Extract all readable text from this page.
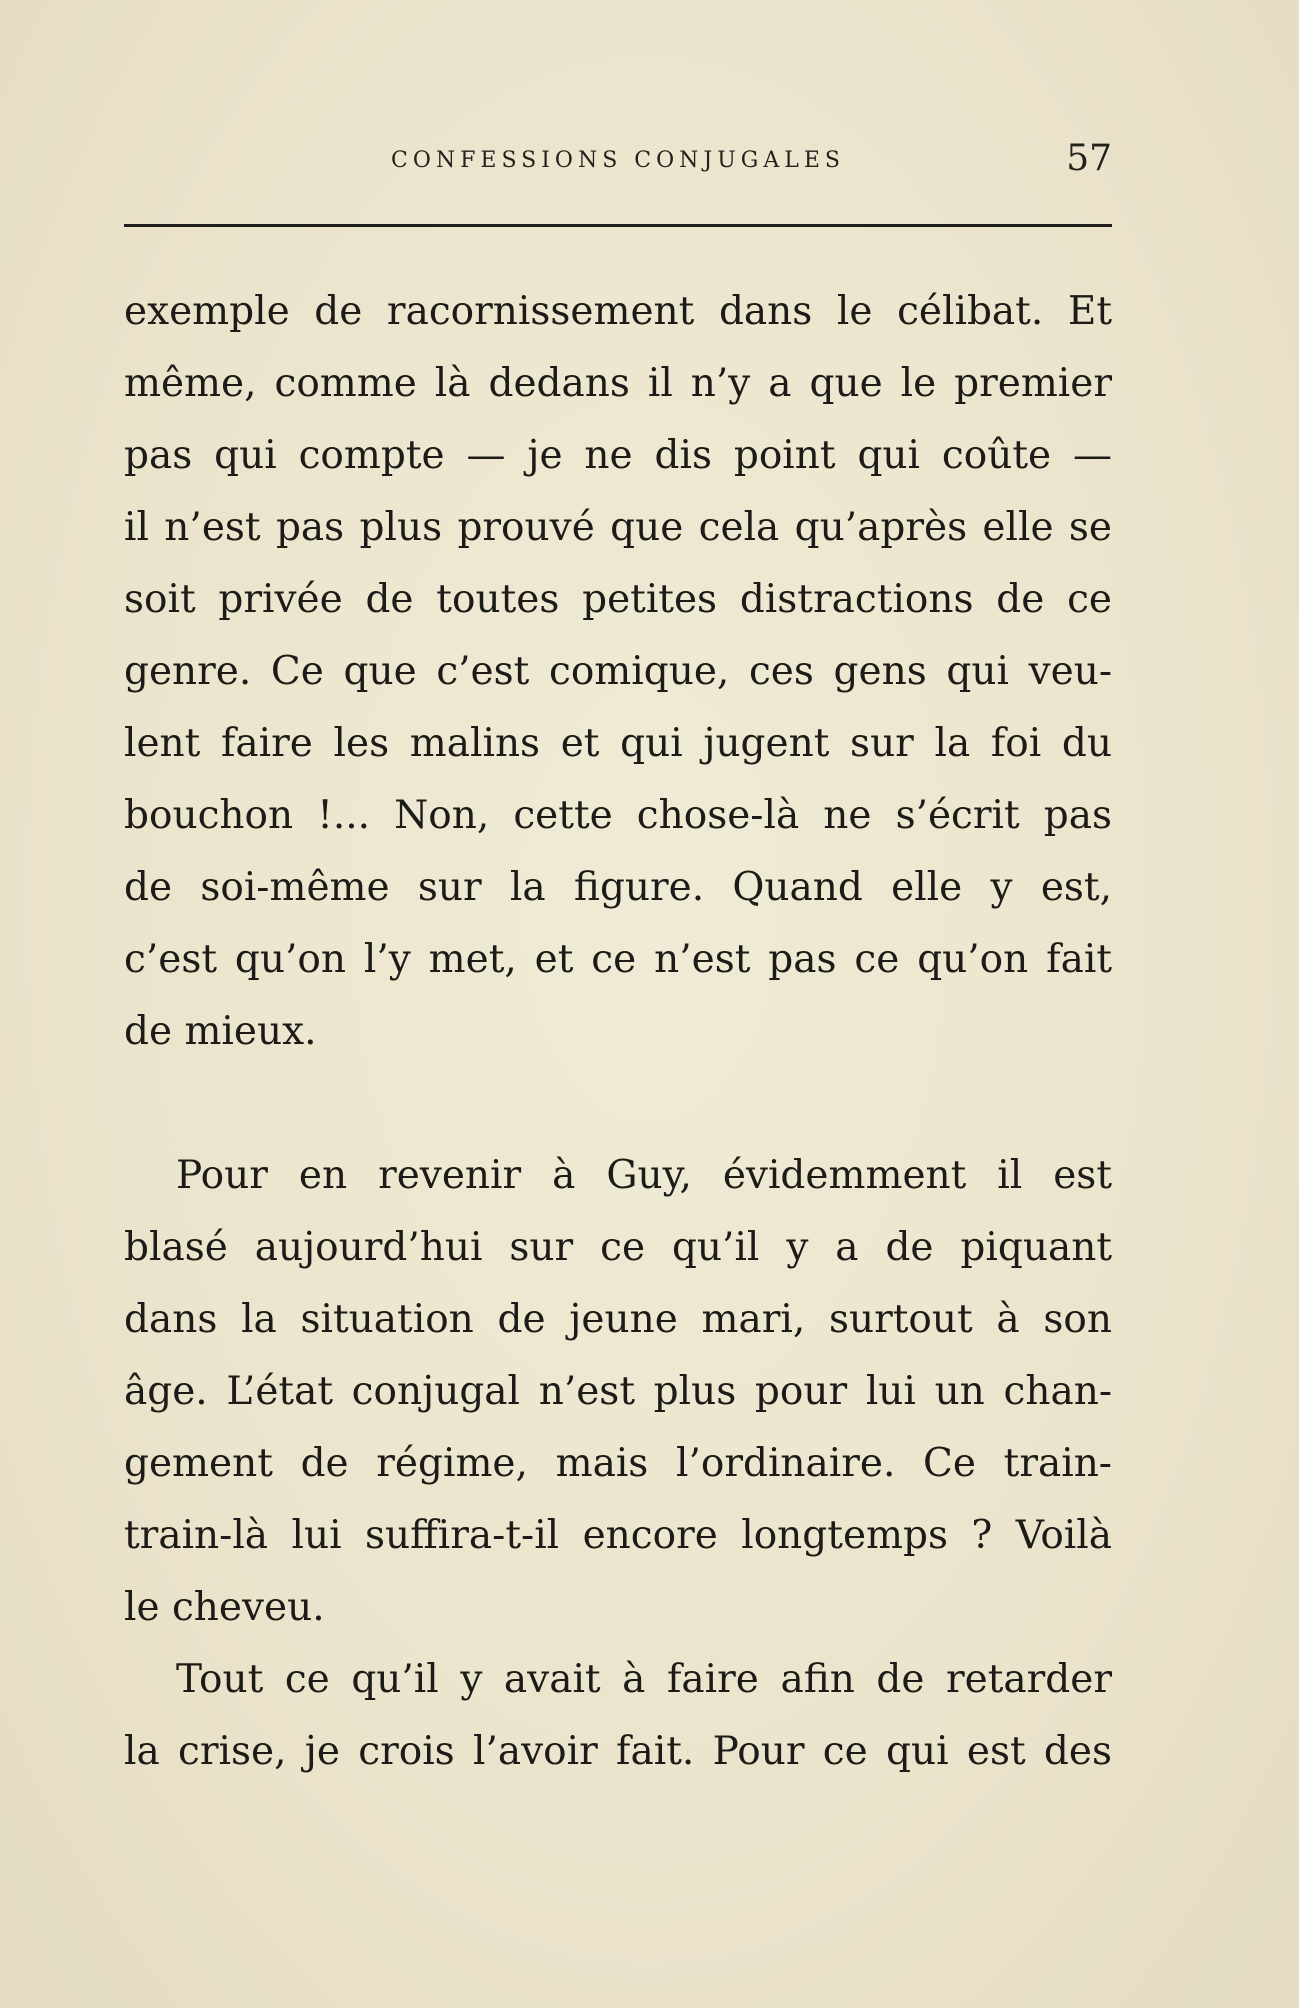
CONFESSIONS CONJUGALES	57
exemple de racornissement dans le célibat. Et
même, comme là dedans il n’y a que le premier
pas qui compte — je ne dis point qui coûte —
il n’est pas plus prouvé que cela qu’après elle se
soit privée de toutes petites distractions de ce
genre. Ce que c’est comique, ces gens qui veu-
lent faire les malins et qui jugent sur la foi du
bouchon !... Non, cette chose-là ne s’écrit pas
de soi-même sur la figure. Quand elle y est,
c’est qu’on l’y met, et ce n’est pas ce qu’on fait
de mieux.
Pour en revenir à Guy, évidemment il est
blasé aujourd’hui sur ce qu’il y a de piquant
dans la situation de jeune mari, surtout à son
âge. L’état conjugal n’est plus pour lui un chan-
gement de régime, mais l’ordinaire. Ce train-
train-là lui suffira-t-il encore longtemps ? Voilà
le cheveu.
Tout ce qu’il y avait à faire afin de retarder
la crise, je crois l’avoir fait. Pour ce qui est des
